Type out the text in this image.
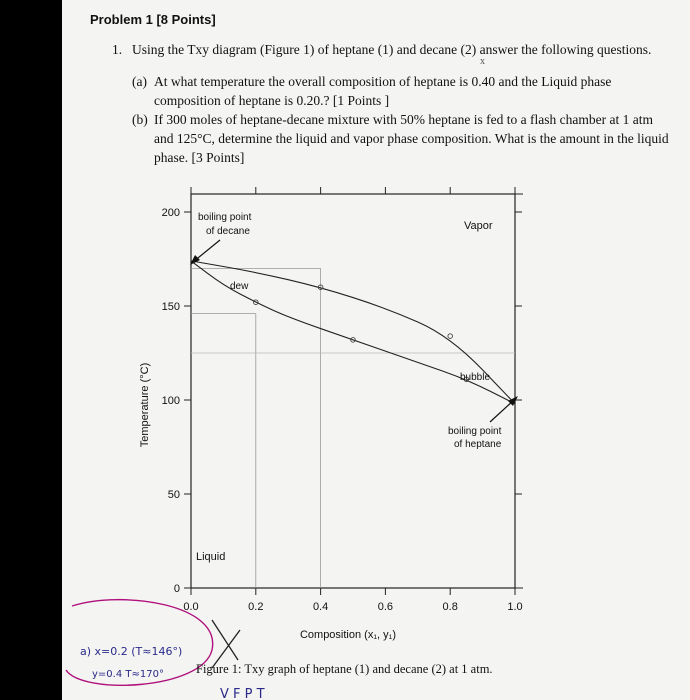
Problem 1 [8 Points]
1. Using the Txy diagram (Figure 1) of heptane (1) and decane (2) answer the following questions.
x
(a) At what temperature the overall composition of heptane is 0.40 and the Liquid phase composition of heptane is 0.20.? [1 Points ]
(b) If 300 moles of heptane-decane mixture with 50% heptane is fed to a flash chamber at 1 atm and 125°C, determine the liquid and vapor phase composition. What is the amount in the liquid phase. [3 Points]
0.0	0.2	0.4	0.6	0.8	1.0
0
50
100
150
200
Composition (x₁, y₁)
Temperature (°C)
boiling point
of decane
boiling point
of heptane
Vapor
Liquid
dew
bubble
a) x=0.2 (T≈146°)
y=0.4 T≈170°
V F P T
Figure 1: Txy graph of heptane (1) and decane (2) at 1 atm.
